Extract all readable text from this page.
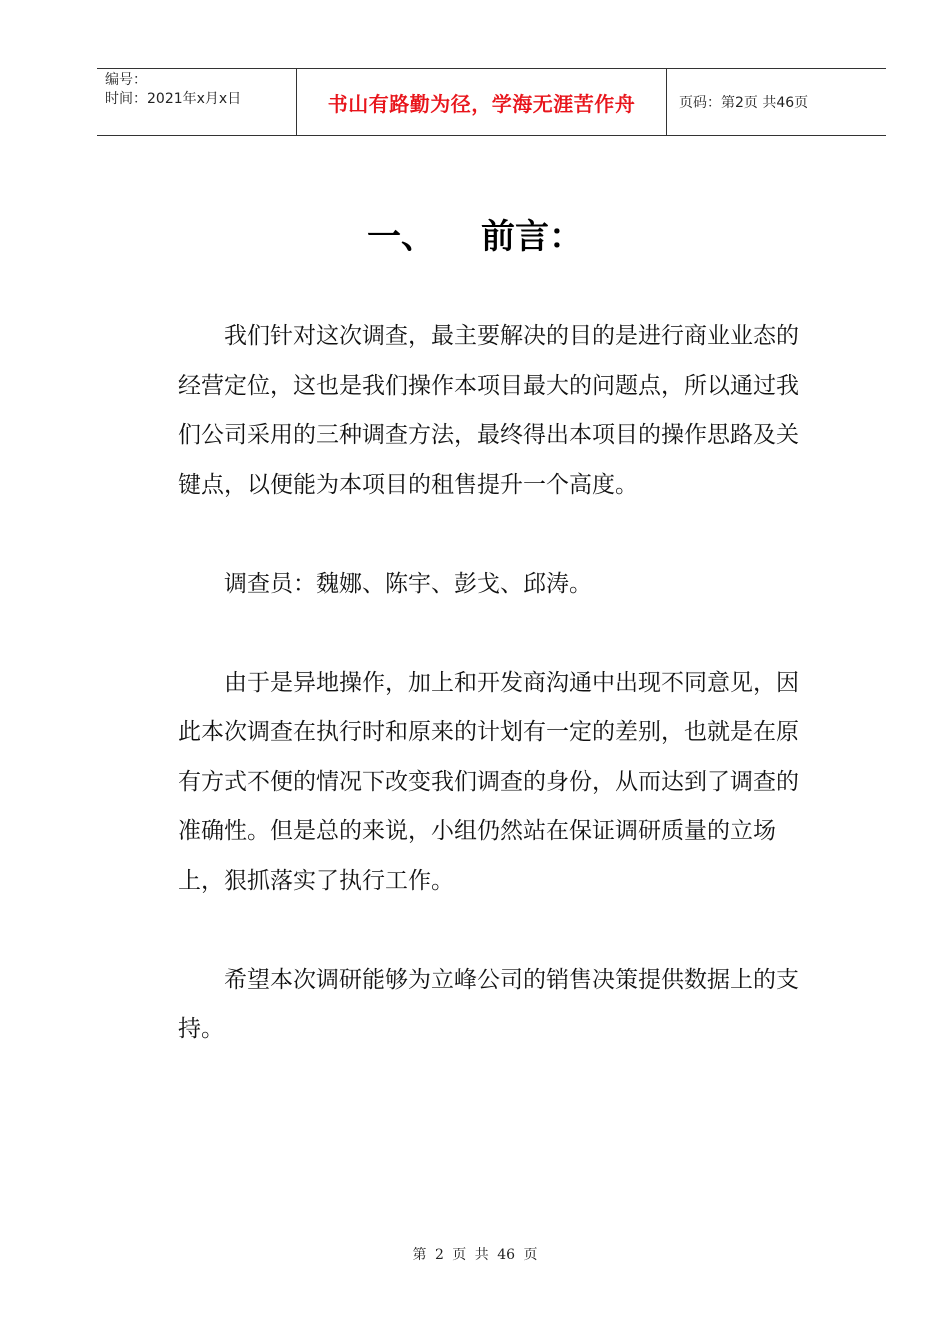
编号：
时间：2021年x月x日	书山有路勤为径，学海无涯苦作舟	页码：第2页 共46页
一、 前言：

我们针对这次调查，最主要解决的目的是进行商业业态的经营定位，这也是我们操作本项目最大的问题点，所以通过我们公司采用的三种调查方法，最终得出本项目的操作思路及关键点，以便能为本项目的租售提升一个高度。

调查员：魏娜、陈宇、彭戈、邱涛。

由于是异地操作，加上和开发商沟通中出现不同意见，因此本次调查在执行时和原来的计划有一定的差别，也就是在原有方式不便的情况下改变我们调查的身份，从而达到了调查的准确性。但是总的来说，小组仍然站在保证调研质量的立场上，狠抓落实了执行工作。

希望本次调研能够为立峰公司的销售决策提供数据上的支持。

第 2 页 共 46 页
